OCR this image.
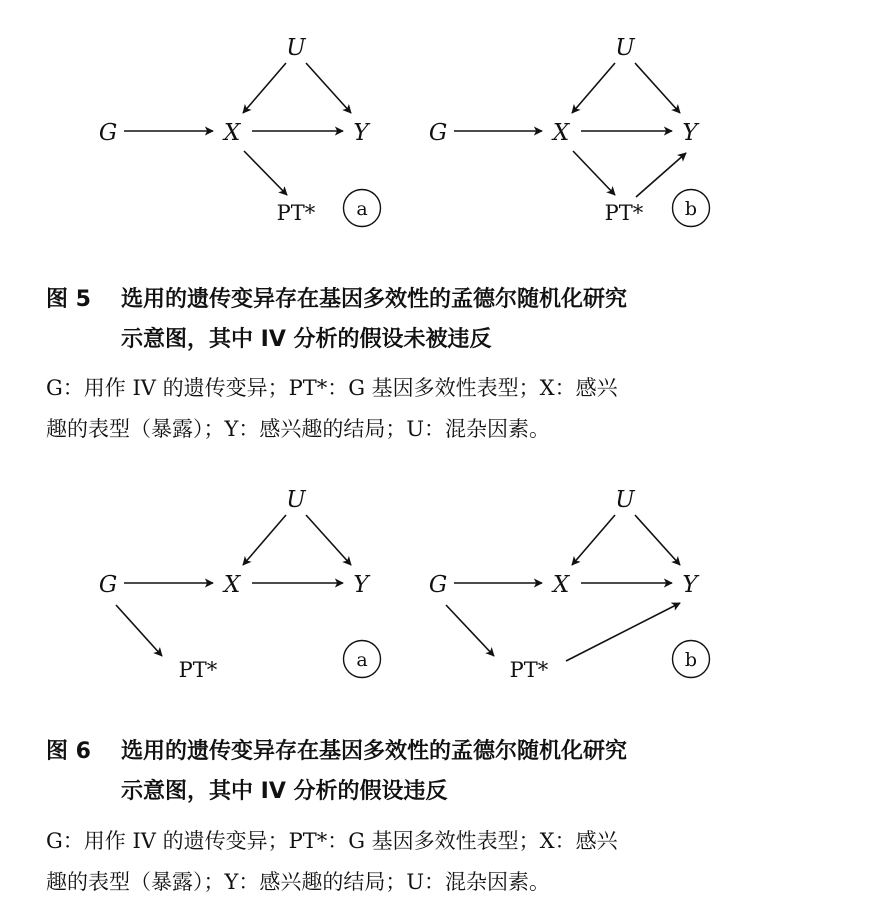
U
G	X	Y
PT* a
U
G	X	Y
PT* b
图 5 选用的遗传变异存在基因多效性的孟德尔随机化研究
示意图，其中 IV 分析的假设未被违反
G：用作 IV 的遗传变异；PT*：G 基因多效性表型；X：感兴
趣的表型（暴露）；Y：感兴趣的结局；U：混杂因素。
U
G	X	Y
PT*	a
U
G	X	Y
PT*	b
图 6 选用的遗传变异存在基因多效性的孟德尔随机化研究
示意图，其中 IV 分析的假设违反
G：用作 IV 的遗传变异；PT*：G 基因多效性表型；X：感兴
趣的表型（暴露）；Y：感兴趣的结局；U：混杂因素。
